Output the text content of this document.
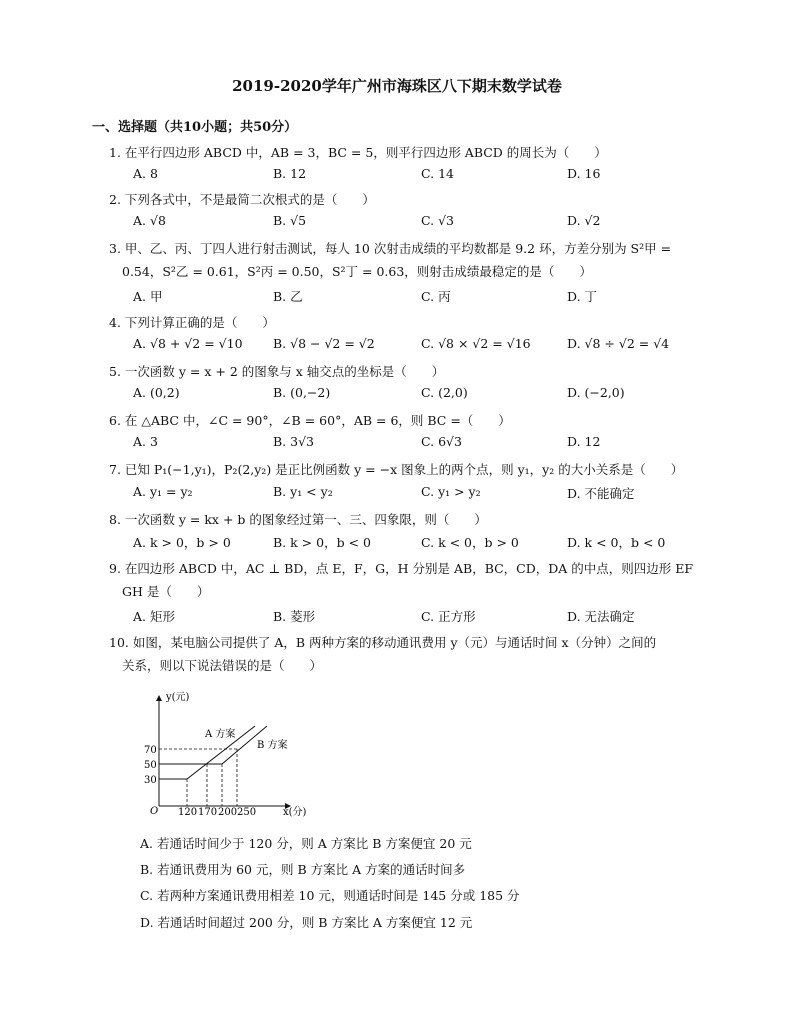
2019-2020学年广州市海珠区八下期末数学试卷
一、选择题（共10小题；共50分）
1. 在平行四边形 ABCD 中，AB = 3，BC = 5，则平行四边形 ABCD 的周长为（　　）
A. 8	B. 12	C. 14	D. 16
2. 下列各式中，不是最简二次根式的是（　　）
A. √8	B. √5	C. √3	D. √2
3. 甲、乙、丙、丁四人进行射击测试，每人 10 次射击成绩的平均数都是 9.2 环，方差分别为 S²甲 =
0.54，S²乙 = 0.61，S²丙 = 0.50，S²丁 = 0.63，则射击成绩最稳定的是（　　）
A. 甲	B. 乙	C. 丙	D. 丁
4. 下列计算正确的是（　　）
A. √8 + √2 = √10 B. √8 − √2 = √2	C. √8 × √2 = √16	D. √8 ÷ √2 = √4
5. 一次函数 y = x + 2 的图象与 x 轴交点的坐标是（　　）
A. (0,2)	B. (0,−2)	C. (2,0)	D. (−2,0)
6. 在 △ABC 中，∠C = 90°，∠B = 60°，AB = 6，则 BC =（　　）
A. 3	B. 3√3	C. 6√3	D. 12
7. 已知 P₁(−1,y₁)，P₂(2,y₂) 是正比例函数 y = −x 图象上的两个点，则 y₁，y₂ 的大小关系是（　　）
A. y₁ = y₂	B. y₁ < y₂	C. y₁ > y₂	D. 不能确定
8. 一次函数 y = kx + b 的图象经过第一、三、四象限，则（　　）
A. k > 0，b > 0	B. k > 0，b < 0	C. k < 0，b > 0	D. k < 0，b < 0
9. 在四边形 ABCD 中，AC ⊥ BD，点 E，F，G，H 分别是 AB，BC，CD，DA 的中点，则四边形 EF
GH 是（　　）
A. 矩形	B. 菱形	C. 正方形	D. 无法确定
10. 如图，某电脑公司提供了 A，B 两种方案的移动通讯费用 y（元）与通话时间 x（分钟）之间的
关系，则以下说法错误的是（　　）
y(元)
x(分)
O
70
50
30
120 170 200 250
A 方案
B 方案
A. 若通话时间少于 120 分，则 A 方案比 B 方案便宜 20 元
B. 若通讯费用为 60 元，则 B 方案比 A 方案的通话时间多
C. 若两种方案通讯费用相差 10 元，则通话时间是 145 分或 185 分
D. 若通话时间超过 200 分，则 B 方案比 A 方案便宜 12 元
